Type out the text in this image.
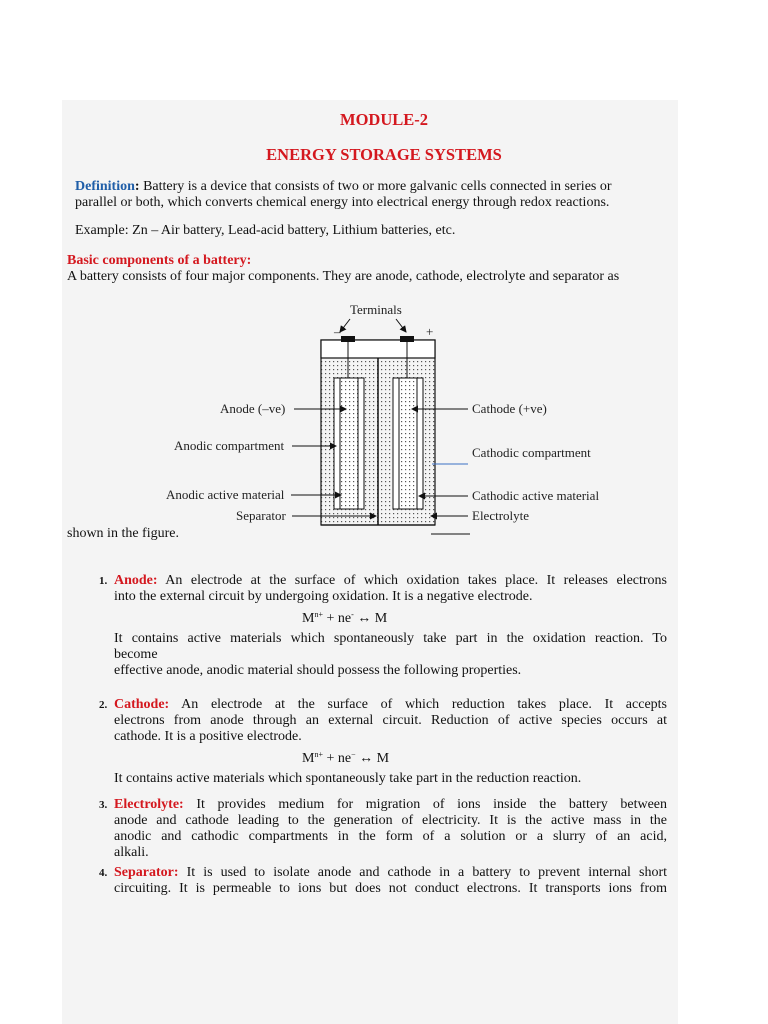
MODULE-2
ENERGY STORAGE SYSTEMS
Definition: Battery is a device that consists of two or more galvanic cells connected in series or
parallel or both, which converts chemical energy into electrical energy through redox reactions.
Example: Zn – Air battery, Lead-acid battery, Lithium batteries, etc.
Basic components of a battery:
A battery consists of four major components. They are anode, cathode, electrolyte and separator as
Terminals
–	+
Anode (–ve)
Anodic compartment
Anodic active material
Separator
Cathode (+ve)
Cathodic compartment
Cathodic active material
Electrolyte
shown in the figure.
1. Anode: An electrode at the surface of which oxidation takes place. It releases electrons
into the external circuit by undergoing oxidation. It is a negative electrode.
$M^{n+} + ne^-$ ↔ M
It contains active materials which spontaneously take part in the oxidation reaction. To
become
effective anode, anodic material should possess the following properties.
2. Cathode: An electrode at the surface of which reduction takes place. It accepts
electrons from anode through an external circuit. Reduction of active species occurs at
cathode. It is a positive electrode.
$M^{n+} + ne^-$ ↔ M
It contains active materials which spontaneously take part in the reduction reaction.
3. Electrolyte: It provides medium for migration of ions inside the battery between
anode and cathode leading to the generation of electricity. It is the active mass in the
anodic and cathodic compartments in the form of a solution or a slurry of an acid,
alkali.
4. Separator: It is used to isolate anode and cathode in a battery to prevent internal short
circuiting. It is permeable to ions but does not conduct electrons. It transports ions from
